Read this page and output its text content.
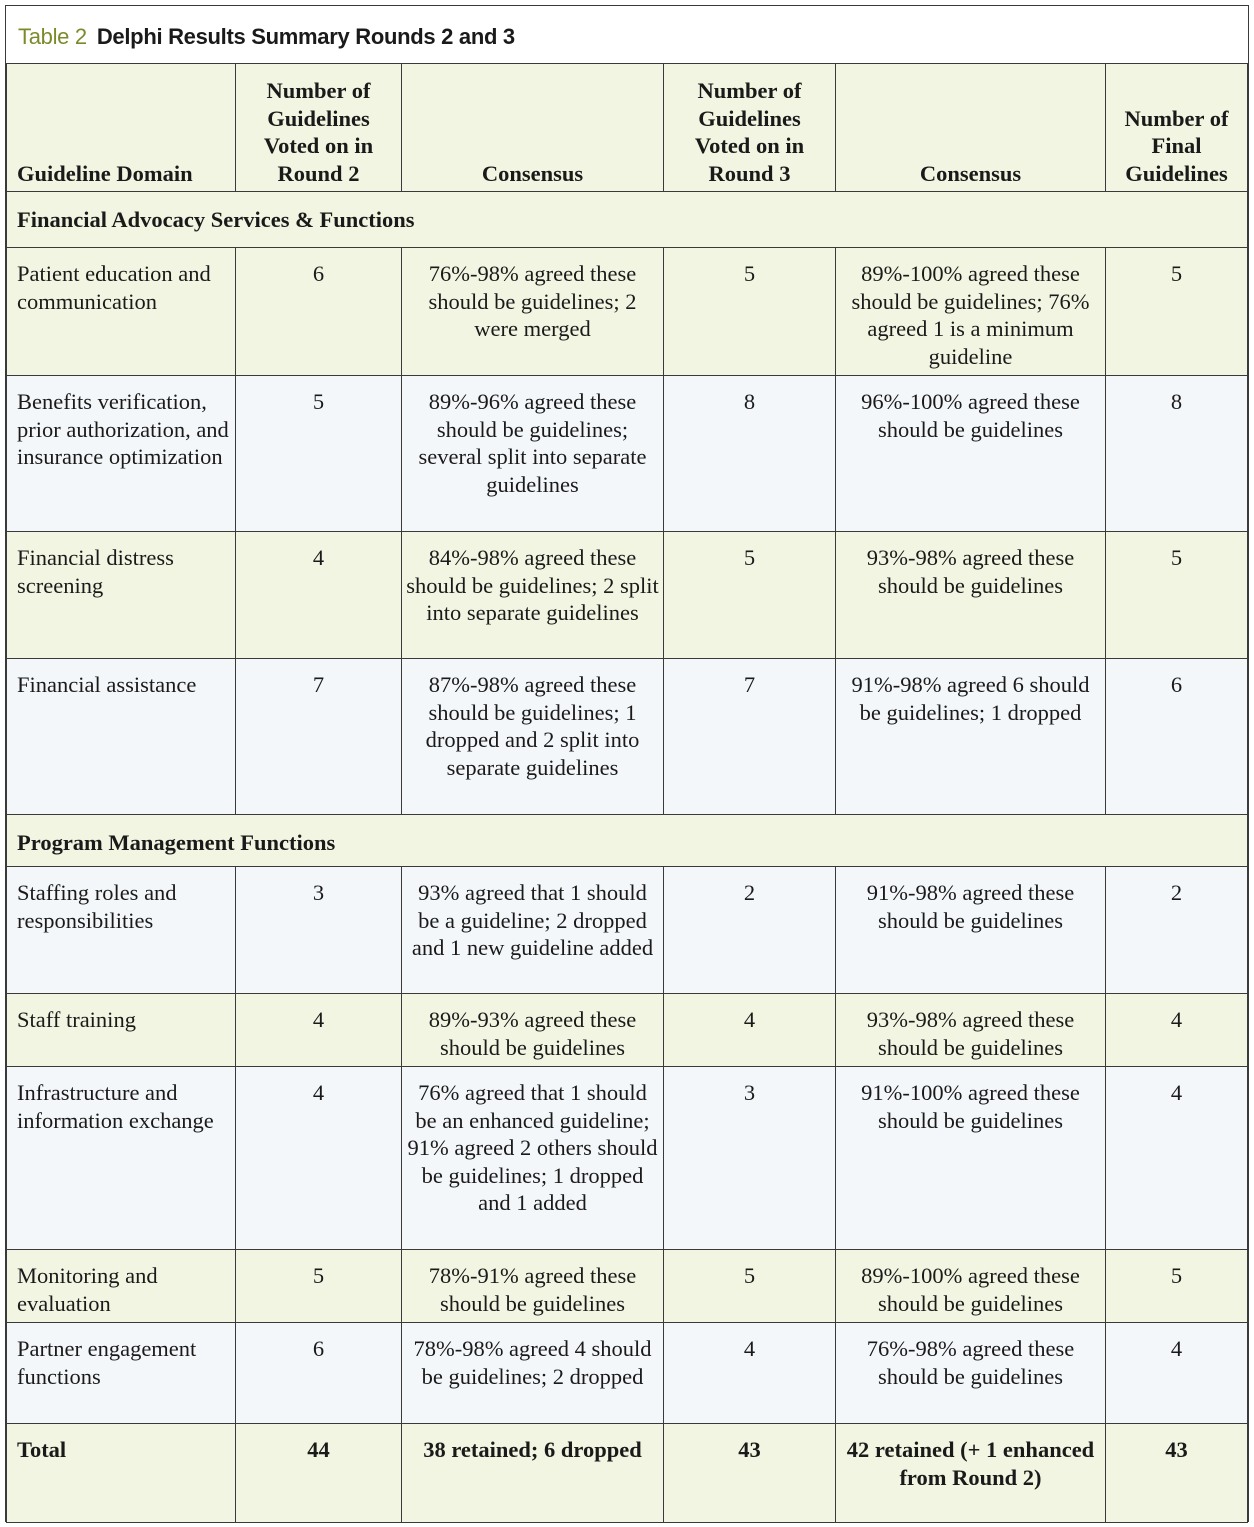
Table 2 Delphi Results Summary Rounds 2 and 3
Guideline Domain	Number of Guidelines Voted on in Round 2	Consensus	Number of Guidelines Voted on in Round 3	Consensus	Number of Final Guidelines
Financial Advocacy Services & Functions					
Patient education and communication	6	76%-98% agreed these should be guidelines; 2 were merged	5	89%-100% agreed these should be guidelines; 76% agreed 1 is a minimum guideline	5
Benefits verification, prior authorization, and insurance optimization	5	89%-96% agreed these should be guidelines; several split into separate guidelines	8	96%-100% agreed these should be guidelines	8
Financial distress screening	4	84%-98% agreed these should be guidelines; 2 split into separate guidelines	5	93%-98% agreed these should be guidelines	5
Financial assistance	7	87%-98% agreed these should be guidelines; 1 dropped and 2 split into separate guidelines	7	91%-98% agreed 6 should be guidelines; 1 dropped	6
Program Management Functions					
Staffing roles and responsibilities	3	93% agreed that 1 should be a guideline; 2 dropped and 1 new guideline added	2	91%-98% agreed these should be guidelines	2
Staff training	4	89%-93% agreed these should be guidelines	4	93%-98% agreed these should be guidelines	4
Infrastructure and information exchange	4	76% agreed that 1 should be an enhanced guideline; 91% agreed 2 others should be guidelines; 1 dropped and 1 added	3	91%-100% agreed these should be guidelines	4
Monitoring and evaluation	5	78%-91% agreed these should be guidelines	5	89%-100% agreed these should be guidelines	5
Partner engagement functions	6	78%-98% agreed 4 should be guidelines; 2 dropped	4	76%-98% agreed these should be guidelines	4
Total	44	38 retained; 6 dropped	43	42 retained (+ 1 enhanced from Round 2)	43
